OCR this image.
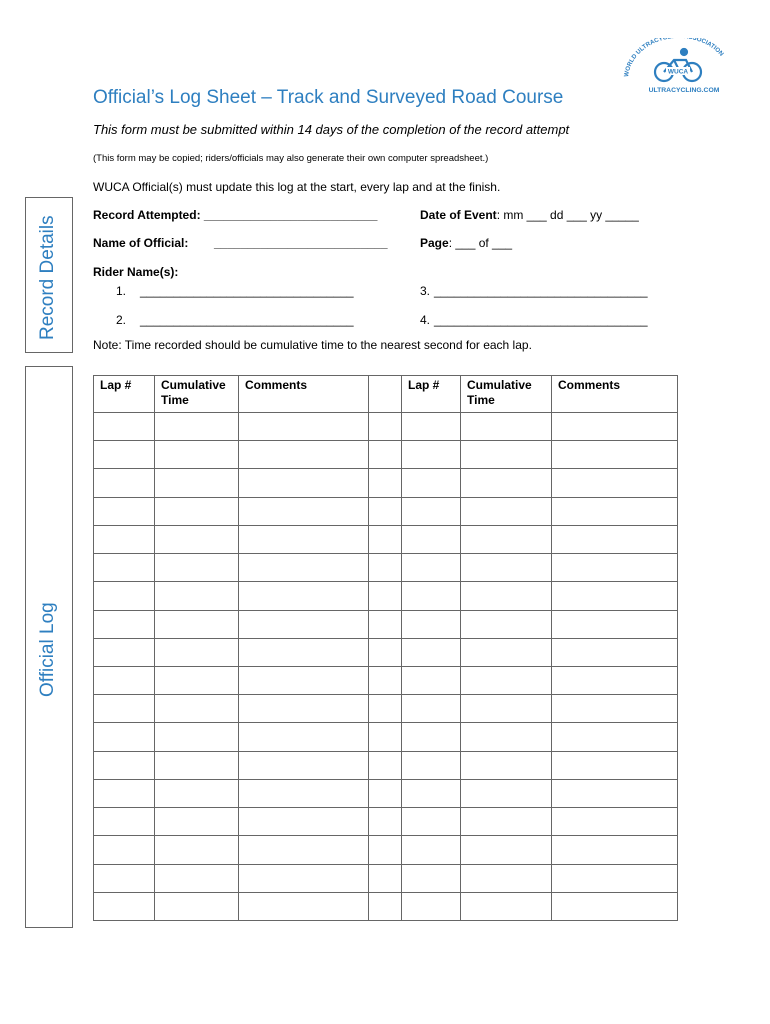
WORLD ULTRACY SOCIATION
WUCA
ULTRACYCLING.COM
Official’s Log Sheet – Track and Surveyed Road Course
This form must be submitted within 14 days of the completion of the record attempt
(This form may be copied; riders/officials may also generate their own computer spreadsheet.)
WUCA Official(s) must update this log at the start, every lap and at the finish.
Record Details
Official Log
Record Attempted: __________________________	Date of Event: mm ___ dd ___ yy _____
Name of Official: __________________________	Page: ___ of ___
Rider Name(s):
1. ________________________________
2. ________________________________
3. ________________________________
4. ________________________________
Note: Time recorded should be cumulative time to the nearest second for each lap.
Lap #	Cumulative Time	Comments		Lap #	Cumulative Time	Comments
